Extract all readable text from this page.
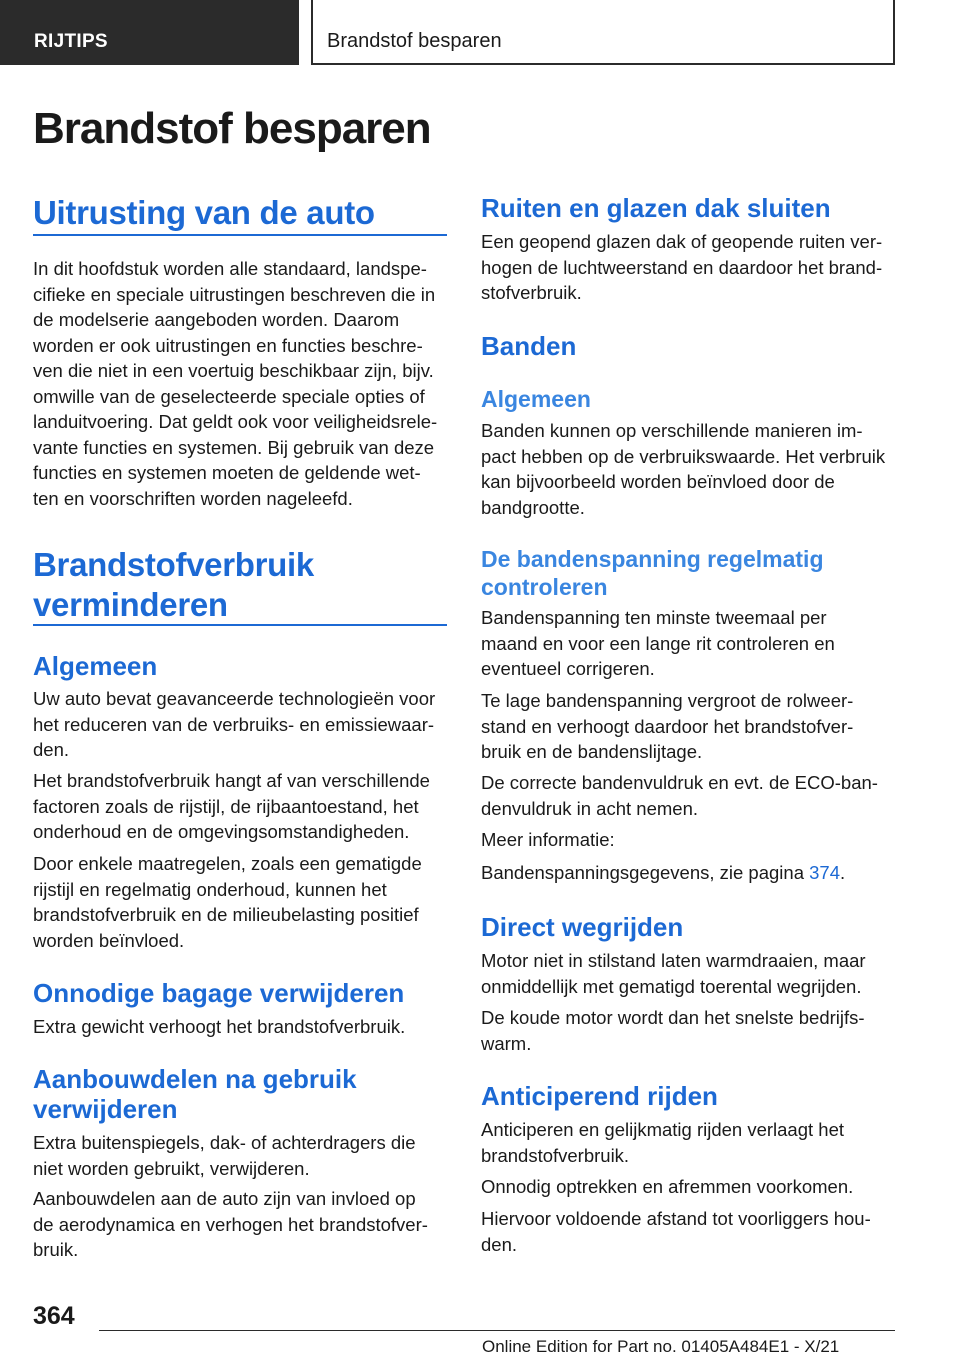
RIJTIPS	Brandstof besparen
Brandstof besparen
Uitrusting van de auto
In dit hoofdstuk worden alle standaard, landspe-
cifieke en speciale uitrustingen beschreven die in
de modelserie aangeboden worden. Daarom
worden er ook uitrustingen en functies beschre-
ven die niet in een voertuig beschikbaar zijn, bijv.
omwille van de geselecteerde speciale opties of
landuitvoering. Dat geldt ook voor veiligheidsrele-
vante functies en systemen. Bij gebruik van deze
functies en systemen moeten de geldende wet-
ten en voorschriften worden nageleefd.
Brandstofverbruik
verminderen
Algemeen
Uw auto bevat geavanceerde technologieën voor
het reduceren van de verbruiks- en emissiewaar-
den.
Het brandstofverbruik hangt af van verschillende
factoren zoals de rijstijl, de rijbaantoestand, het
onderhoud en de omgevingsomstandigheden.
Door enkele maatregelen, zoals een gematigde
rijstijl en regelmatig onderhoud, kunnen het
brandstofverbruik en de milieubelasting positief
worden beïnvloed.
Onnodige bagage verwijderen
Extra gewicht verhoogt het brandstofverbruik.
Aanbouwdelen na gebruik
verwijderen
Extra buitenspiegels, dak- of achterdragers die
niet worden gebruikt, verwijderen.
Aanbouwdelen aan de auto zijn van invloed op
de aerodynamica en verhogen het brandstofver-
bruik.
Ruiten en glazen dak sluiten
Een geopend glazen dak of geopende ruiten ver-
hogen de luchtweerstand en daardoor het brand-
stofverbruik.
Banden
Algemeen
Banden kunnen op verschillende manieren im-
pact hebben op de verbruikswaarde. Het verbruik
kan bijvoorbeeld worden beïnvloed door de
bandgrootte.
De bandenspanning regelmatig
controleren
Bandenspanning ten minste tweemaal per
maand en voor een lange rit controleren en
eventueel corrigeren.
Te lage bandenspanning vergroot de rolweer-
stand en verhoogt daardoor het brandstofver-
bruik en de bandenslijtage.
De correcte bandenvuldruk en evt. de ECO-ban-
denvuldruk in acht nemen.
Meer informatie:
Bandenspanningsgegevens, zie pagina 374.
Direct wegrijden
Motor niet in stilstand laten warmdraaien, maar
onmiddellijk met gematigd toerental wegrijden.
De koude motor wordt dan het snelste bedrijfs-
warm.
Anticiperend rijden
Anticiperen en gelijkmatig rijden verlaagt het
brandstofverbruik.
Onnodig optrekken en afremmen voorkomen.
Hiervoor voldoende afstand tot voorliggers hou-
den.
364
Online Edition for Part no. 01405A484E1 - X/21
